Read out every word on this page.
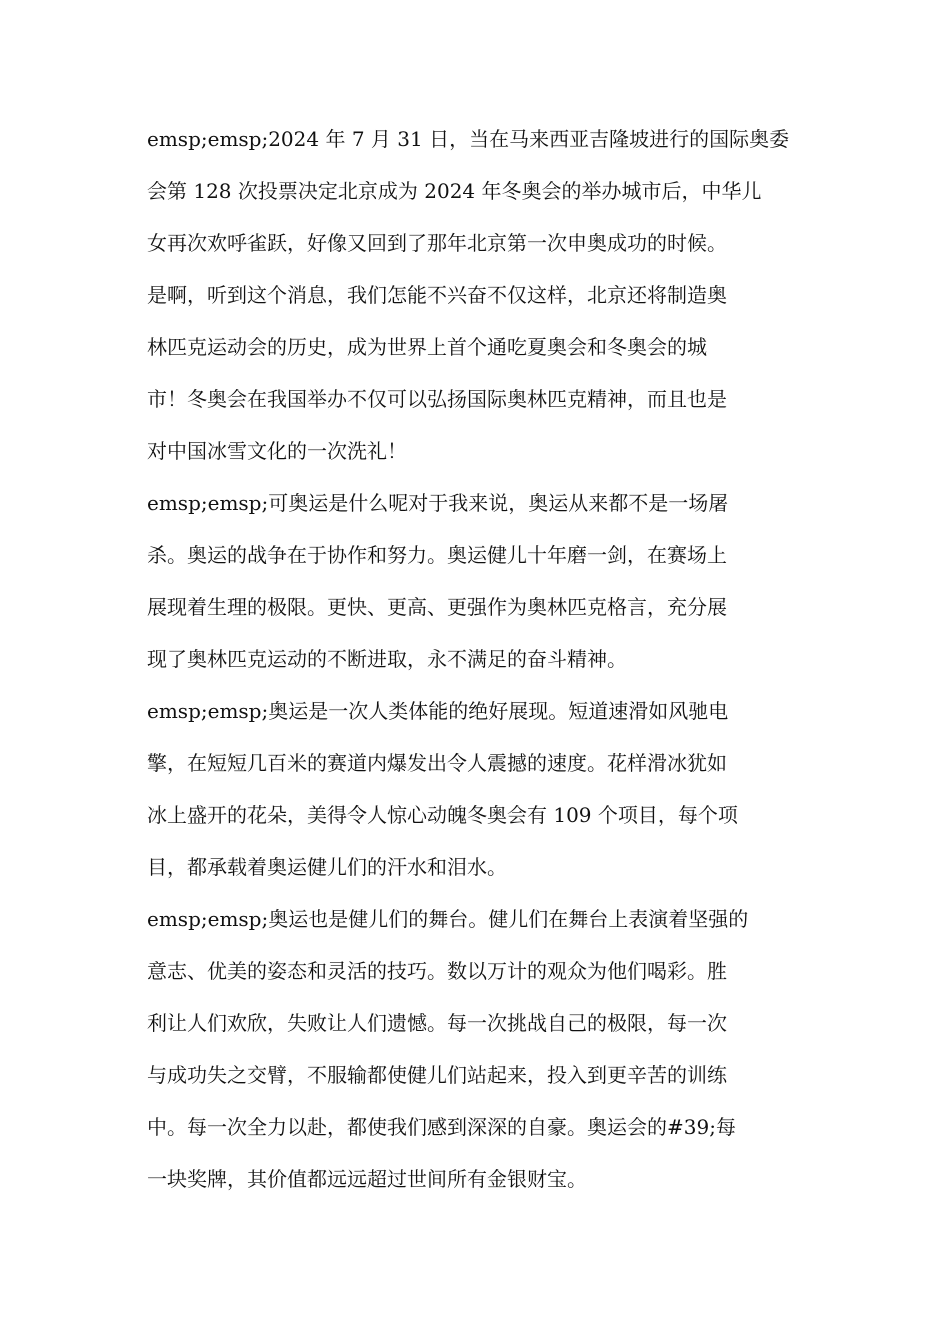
emsp;emsp;2024 年 7 月 31 日，当在马来西亚吉隆坡进行的国际奥委
会第 128 次投票决定北京成为 2024 年冬奥会的举办城市后，中华儿
女再次欢呼雀跃，好像又回到了那年北京第一次申奥成功的时候。
是啊，听到这个消息，我们怎能不兴奋不仅这样，北京还将制造奥
林匹克运动会的历史，成为世界上首个通吃夏奥会和冬奥会的城
市！冬奥会在我国举办不仅可以弘扬国际奥林匹克精神，而且也是
对中国冰雪文化的一次洗礼！
emsp;emsp;可奥运是什么呢对于我来说，奥运从来都不是一场屠
杀。奥运的战争在于协作和努力。奥运健儿十年磨一剑，在赛场上
展现着生理的极限。更快、更高、更强作为奥林匹克格言，充分展
现了奥林匹克运动的不断进取，永不满足的奋斗精神。
emsp;emsp;奥运是一次人类体能的绝好展现。短道速滑如风驰电
擎，在短短几百米的赛道内爆发出令人震撼的速度。花样滑冰犹如
冰上盛开的花朵，美得令人惊心动魄冬奥会有 109 个项目，每个项
目，都承载着奥运健儿们的汗水和泪水。
emsp;emsp;奥运也是健儿们的舞台。健儿们在舞台上表演着坚强的
意志、优美的姿态和灵活的技巧。数以万计的观众为他们喝彩。胜
利让人们欢欣，失败让人们遗憾。每一次挑战自己的极限，每一次
与成功失之交臂，不服输都使健儿们站起来，投入到更辛苦的训练
中。每一次全力以赴，都使我们感到深深的自豪。奥运会的#39;每
一块奖牌，其价值都远远超过世间所有金银财宝。
